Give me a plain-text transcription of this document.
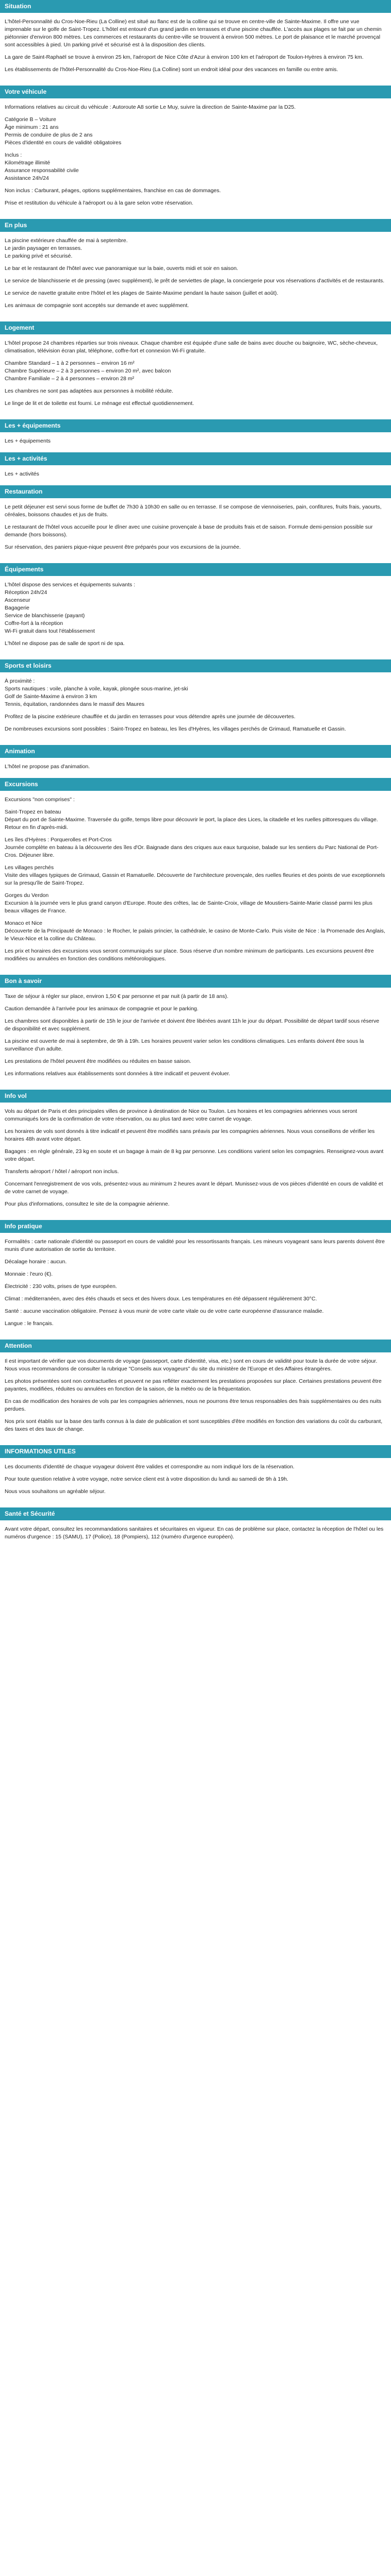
Situation

L'hôtel-Personnalité du Cros-Noe-Rieu (La Colline) est situé au flanc est de la colline qui se trouve en centre-ville de Sainte-Maxime. Il offre une vue imprenable sur le golfe de Saint-Tropez. L'hôtel est entouré d'un grand jardin en terrasses et d'une piscine chauffée. L'accès aux plages se fait par un chemin piétonnier d'environ 800 mètres. Les commerces et restaurants du centre-ville se trouvent à environ 500 mètres. Le port de plaisance et le marché provençal sont accessibles à pied. Un parking privé et sécurisé est à la disposition des clients.

La gare de Saint-Raphaël se trouve à environ 25 km, l'aéroport de Nice Côte d'Azur à environ 100 km et l'aéroport de Toulon-Hyères à environ 75 km.

Les établissements de l'hôtel-Personnalité du Cros-Noe-Rieu (La Colline) sont un endroit idéal pour des vacances en famille ou entre amis.

Votre véhicule

Informations relatives au circuit du véhicule : Autoroute A8 sortie Le Muy, suivre la direction de Sainte-Maxime par la D25.

Catégorie B – Voiture
Âge minimum : 21 ans
Permis de conduire de plus de 2 ans
Pièces d'identité en cours de validité obligatoires

Inclus :
Kilométrage illimité
Assurance responsabilité civile
Assistance 24h/24

Non inclus : Carburant, péages, options supplémentaires, franchise en cas de dommages.

Prise et restitution du véhicule à l'aéroport ou à la gare selon votre réservation.

En plus

La piscine extérieure chauffée de mai à septembre.
Le jardin paysager en terrasses.
Le parking privé et sécurisé.

Le bar et le restaurant de l'hôtel avec vue panoramique sur la baie, ouverts midi et soir en saison.

Le service de blanchisserie et de pressing (avec supplément), le prêt de serviettes de plage, la conciergerie pour vos réservations d'activités et de restaurants.

Le service de navette gratuite entre l'hôtel et les plages de Sainte-Maxime pendant la haute saison (juillet et août).

Les animaux de compagnie sont acceptés sur demande et avec supplément.

Logement

L'hôtel propose 24 chambres réparties sur trois niveaux. Chaque chambre est équipée d'une salle de bains avec douche ou baignoire, WC, sèche-cheveux, climatisation, télévision écran plat, téléphone, coffre-fort et connexion Wi-Fi gratuite.

Chambre Standard – 1 à 2 personnes – environ 16 m²
Chambre Supérieure – 2 à 3 personnes – environ 20 m², avec balcon
Chambre Familiale – 2 à 4 personnes – environ 28 m²

Les chambres ne sont pas adaptées aux personnes à mobilité réduite.

Le linge de lit et de toilette est fourni. Le ménage est effectué quotidiennement.

Les + équipements

Les + équipements

Les + activités

Les + activités

Restauration

Le petit déjeuner est servi sous forme de buffet de 7h30 à 10h30 en salle ou en terrasse. Il se compose de viennoiseries, pain, confitures, fruits frais, yaourts, céréales, boissons chaudes et jus de fruits.

Le restaurant de l'hôtel vous accueille pour le dîner avec une cuisine provençale à base de produits frais et de saison. Formule demi-pension possible sur demande (hors boissons).

Sur réservation, des paniers pique-nique peuvent être préparés pour vos excursions de la journée.

Équipements

L'hôtel dispose des services et équipements suivants :
Réception 24h/24
Ascenseur
Bagagerie
Service de blanchisserie (payant)
Coffre-fort à la réception
Wi-Fi gratuit dans tout l'établissement

L'hôtel ne dispose pas de salle de sport ni de spa.

Sports et loisirs

À proximité :
Sports nautiques : voile, planche à voile, kayak, plongée sous-marine, jet-ski
Golf de Sainte-Maxime à environ 3 km
Tennis, équitation, randonnées dans le massif des Maures

Profitez de la piscine extérieure chauffée et du jardin en terrasses pour vous détendre après une journée de découvertes.

De nombreuses excursions sont possibles : Saint-Tropez en bateau, les îles d'Hyères, les villages perchés de Grimaud, Ramatuelle et Gassin.

Animation

L'hôtel ne propose pas d'animation.

Excursions

Excursions "non comprises" :

Saint-Tropez en bateau
Départ du port de Sainte-Maxime. Traversée du golfe, temps libre pour découvrir le port, la place des Lices, la citadelle et les ruelles pittoresques du village. Retour en fin d'après-midi.

Les îles d'Hyères : Porquerolles et Port-Cros
Journée complète en bateau à la découverte des îles d'Or. Baignade dans des criques aux eaux turquoise, balade sur les sentiers du Parc National de Port-Cros. Déjeuner libre.

Les villages perchés
Visite des villages typiques de Grimaud, Gassin et Ramatuelle. Découverte de l'architecture provençale, des ruelles fleuries et des points de vue exceptionnels sur la presqu'île de Saint-Tropez.

Gorges du Verdon
Excursion à la journée vers le plus grand canyon d'Europe. Route des crêtes, lac de Sainte-Croix, village de Moustiers-Sainte-Marie classé parmi les plus beaux villages de France.

Monaco et Nice
Découverte de la Principauté de Monaco : le Rocher, le palais princier, la cathédrale, le casino de Monte-Carlo. Puis visite de Nice : la Promenade des Anglais, le Vieux-Nice et la colline du Château.

Les prix et horaires des excursions vous seront communiqués sur place. Sous réserve d'un nombre minimum de participants. Les excursions peuvent être modifiées ou annulées en fonction des conditions météorologiques.

Bon à savoir

Taxe de séjour à régler sur place, environ 1,50 € par personne et par nuit (à partir de 18 ans).

Caution demandée à l'arrivée pour les animaux de compagnie et pour le parking.

Les chambres sont disponibles à partir de 15h le jour de l'arrivée et doivent être libérées avant 11h le jour du départ. Possibilité de départ tardif sous réserve de disponibilité et avec supplément.

La piscine est ouverte de mai à septembre, de 9h à 19h. Les horaires peuvent varier selon les conditions climatiques. Les enfants doivent être sous la surveillance d'un adulte.

Les prestations de l'hôtel peuvent être modifiées ou réduites en basse saison.

Les informations relatives aux établissements sont données à titre indicatif et peuvent évoluer.

Info vol

Vols au départ de Paris et des principales villes de province à destination de Nice ou Toulon. Les horaires et les compagnies aériennes vous seront communiqués lors de la confirmation de votre réservation, ou au plus tard avec votre carnet de voyage.

Les horaires de vols sont donnés à titre indicatif et peuvent être modifiés sans préavis par les compagnies aériennes. Nous vous conseillons de vérifier les horaires 48h avant votre départ.

Bagages : en règle générale, 23 kg en soute et un bagage à main de 8 kg par personne. Les conditions varient selon les compagnies. Renseignez-vous avant votre départ.

Transferts aéroport / hôtel / aéroport non inclus.

Concernant l'enregistrement de vos vols, présentez-vous au minimum 2 heures avant le départ. Munissez-vous de vos pièces d'identité en cours de validité et de votre carnet de voyage.

Pour plus d'informations, consultez le site de la compagnie aérienne.

Info pratique

Formalités : carte nationale d'identité ou passeport en cours de validité pour les ressortissants français. Les mineurs voyageant sans leurs parents doivent être munis d'une autorisation de sortie du territoire.

Décalage horaire : aucun.

Monnaie : l'euro (€).

Électricité : 230 volts, prises de type européen.

Climat : méditerranéen, avec des étés chauds et secs et des hivers doux. Les températures en été dépassent régulièrement 30°C.

Santé : aucune vaccination obligatoire. Pensez à vous munir de votre carte vitale ou de votre carte européenne d'assurance maladie.

Langue : le français.

Attention

Il est important de vérifier que vos documents de voyage (passeport, carte d'identité, visa, etc.) sont en cours de validité pour toute la durée de votre séjour. Nous vous recommandons de consulter la rubrique "Conseils aux voyageurs" du site du ministère de l'Europe et des Affaires étrangères.

Les photos présentées sont non contractuelles et peuvent ne pas refléter exactement les prestations proposées sur place. Certaines prestations peuvent être payantes, modifiées, réduites ou annulées en fonction de la saison, de la météo ou de la fréquentation.

En cas de modification des horaires de vols par les compagnies aériennes, nous ne pourrons être tenus responsables des frais supplémentaires ou des nuits perdues.

Nos prix sont établis sur la base des tarifs connus à la date de publication et sont susceptibles d'être modifiés en fonction des variations du coût du carburant, des taxes et des taux de change.

INFORMATIONS UTILES

Les documents d'identité de chaque voyageur doivent être valides et correspondre au nom indiqué lors de la réservation.

Pour toute question relative à votre voyage, notre service client est à votre disposition du lundi au samedi de 9h à 19h.

Nous vous souhaitons un agréable séjour.

Santé et Sécurité

Avant votre départ, consultez les recommandations sanitaires et sécuritaires en vigueur. En cas de problème sur place, contactez la réception de l'hôtel ou les numéros d'urgence : 15 (SAMU), 17 (Police), 18 (Pompiers), 112 (numéro d'urgence européen).
